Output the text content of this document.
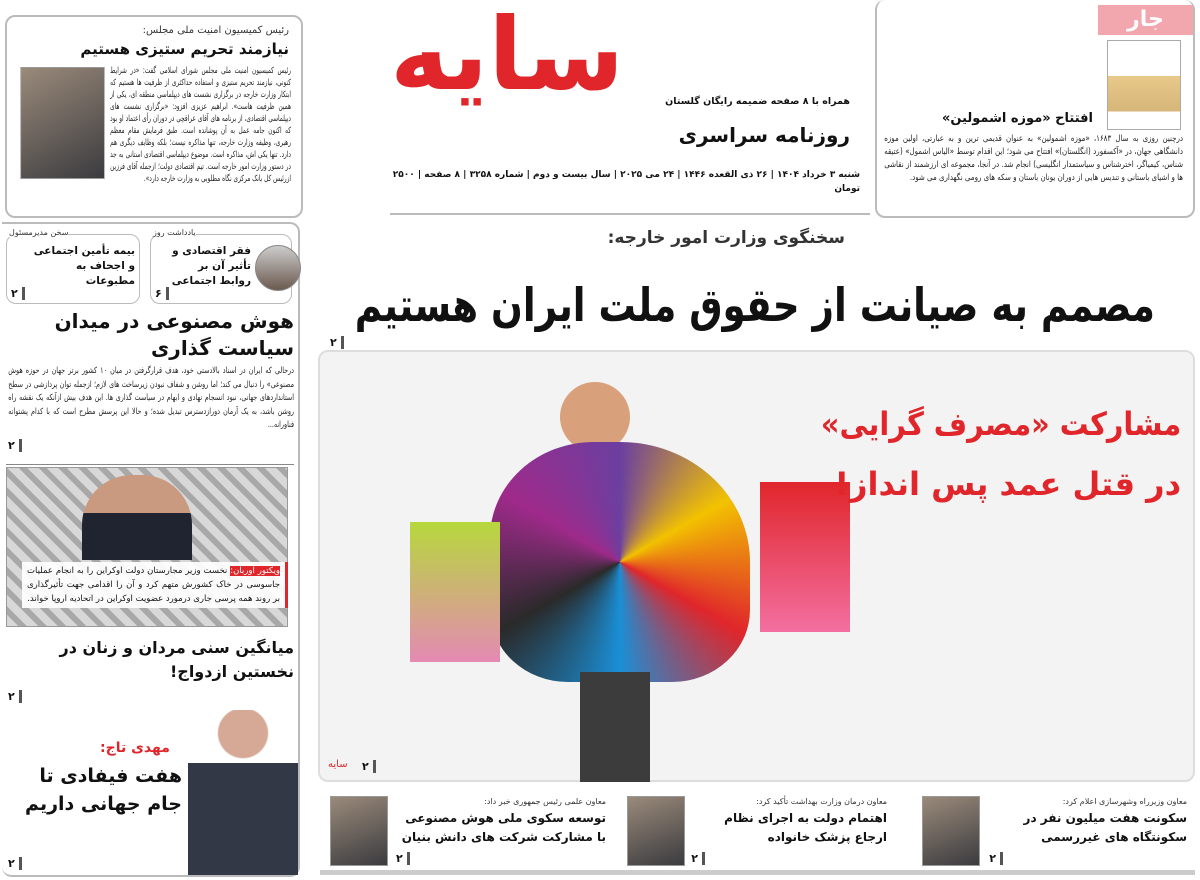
رئیس کمیسیون امنیت ملی مجلس:
نیازمند تحریم ستیزی هستیم
رئیس کمیسیون امنیت ملی مجلس شورای اسلامی گفت: «در شرایط کنونی، نیازمند تحریم ستیزی و استفاده حداکثری از ظرفیت ها هستیم که ابتکار وزارت خارجه در برگزاری نشست های دیپلماسی منطقه ای، یکی از همین ظرفیت هاست». ابراهیم عزیزی افزود: «برگزاری نشست های دیپلماسی اقتصادی، از برنامه های آقای عراقچی در دوران رأی اعتماد او بود که اکنون جامه عمل به آن پوشانده است. طبق فرمایش مقام معظم رهبری، وظیفه وزارت خارجه، تنها مذاکره نیست؛ بلکه وظایف دیگری هم دارد. تنها یکی اش، مذاکره است. موضوع دیپلماسی اقتصادی استانی به جد در دستور وزارت امور خارجه است. تیم اقتصادی دولت؛ ازجمله آقای فرزین ازرئیس کل بانک مرکزی نگاه مطلوبی به وزارت خارجه دارد».
سایه	همراه با ۸ صفحه ضمیمه رایگان گلستان
روزنامه سراسری
شنبه ۳ خرداد ۱۴۰۴ | ۲۶ ذی القعده ۱۴۴۶ | ۲۴ می ۲۰۲۵ | سال بیست و دوم | شماره ۳۲۵۸ | ۸ صفحه | ۲۵۰۰ تومان
جار
افتتاح «موزه اشمولین»
درچنین روزی به سال ۱۶۸۳، «موزه اشمولین» به عنوان قدیمی ترین و به عبارتی، اولین موزه دانشگاهی جهان، در «آکسفورد (انگلستان)» افتتاح می شود؛ این اقدام توسط «الیاس اشمول» (عتیقه شناس، کیمیاگر، اخترشناس و سیاستمدار انگلیسی) انجام شد. در آنجا، مجموعه ای ارزشمند از نقاشی ها و اشیای باستانی و تندیس هایی از دوران یونان باستان و سکه های رومی نگهداری می شود.
سخن مدیرمسئول
بیمه تأمین اجتماعی و اجحاف به مطبوعات
۲
یادداشت روز
فقر اقتصادی و تأثیر آن بر روابط اجتماعی
۶
هوش مصنوعی در میدان سیاست گذاری
درحالی که ایران در اسناد بالادستی خود، هدف قرارگرفتن در میان ۱۰ کشور برتر جهان در حوزه هوش مصنوعی» را دنبال می کند؛ اما روشن و شفاف نبودن زیرساخت های لازم؛ ازجمله توان پردازشی در سطح استانداردهای جهانی، نبود انسجام نهادی و ابهام در سیاست گذاری ها. این هدف بیش ازآنکه یک نقشه راه روشن باشد، به یک آرمان دورازدسترس تبدیل شده؛ و حالا این پرسش مطرح است که با کدام پشتوانه فناورانه...
۲
ویکتور اوربان: نخست وزیر مجارستان دولت اوکراین را به انجام عملیات جاسوسی در خاک کشورش متهم کرد و آن را اقدامی جهت تأثیرگذاری بر روند همه پرسی جاری درمورد عضویت اوکراین در اتحادیه اروپا خواند.
میانگین سنی مردان و زنان در نخستین ازدواج!
۲
مهدی تاج:
هفت فیفادی تا جام جهانی داریم
۲
سخنگوی وزارت امور خارجه:
مصمم به صیانت از حقوق ملت ایران هستیم
۲
مشارکت «مصرف گرایی»
در قتل عمد پس انداز!
۲
سایه
معاون وزیرراه وشهرسازی اعلام کرد:
سکونت هفت میلیون نفر در سکونتگاه های غیررسمی
۲
معاون درمان وزارت بهداشت تأکید کرد:
اهتمام دولت به اجرای نظام ارجاع پزشک خانواده
۲
معاون علمی رئیس جمهوری خبر داد:
توسعه سکوی ملی هوش مصنوعی با مشارکت شرکت های دانش بنیان
۲
